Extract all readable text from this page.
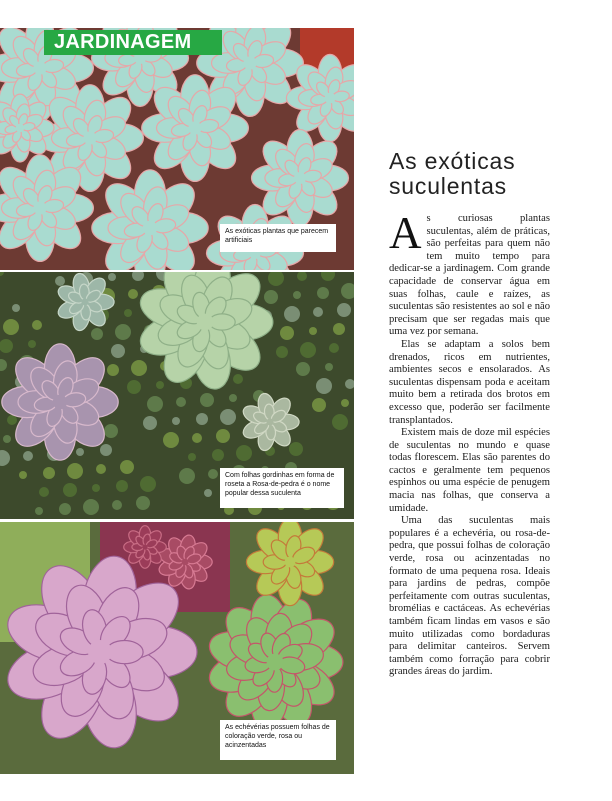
JARDINAGEM
As exóticas plantas que parecem artificiais
Com folhas gordinhas em forma de roseta a Rosa-de-pedra é o nome popular dessa suculenta
As echévérias possuem folhas de coloração verde, rosa ou acinzentadas
As exóticas suculentas

As curiosas plantas suculentas, além de práticas, são perfeitas para quem não tem muito tempo para dedicar-se a jardinagem. Com grande capacidade de conservar água em suas folhas, caule e raízes, as suculentas são resistentes ao sol e não precisam que ser regadas mais que uma vez por semana.

Elas se adaptam a solos bem drenados, ricos em nutrientes, ambientes secos e ensolarados. As suculentas dispensam poda e aceitam muito bem a retirada dos brotos em excesso que, poderão ser facilmente transplantados.

Existem mais de doze mil espécies de suculentas no mundo e quase todas florescem. Elas são parentes do cactos e geralmente tem pequenos espinhos ou uma espécie de penugem macia nas folhas, que conserva a umidade.

Uma das suculentas mais populares é a echevéria, ou rosa-de-pedra, que possui folhas de coloração verde, rosa ou acinzentadas no formato de uma pequena rosa. Ideais para jardins de pedras, compõe perfeitamente com outras suculentas, bromélias e cactáceas. As echevérias também ficam lindas em vasos e são muito utilizadas como bordaduras para delimitar canteiros. Servem também como forração para cobrir grandes áreas do jardim.
